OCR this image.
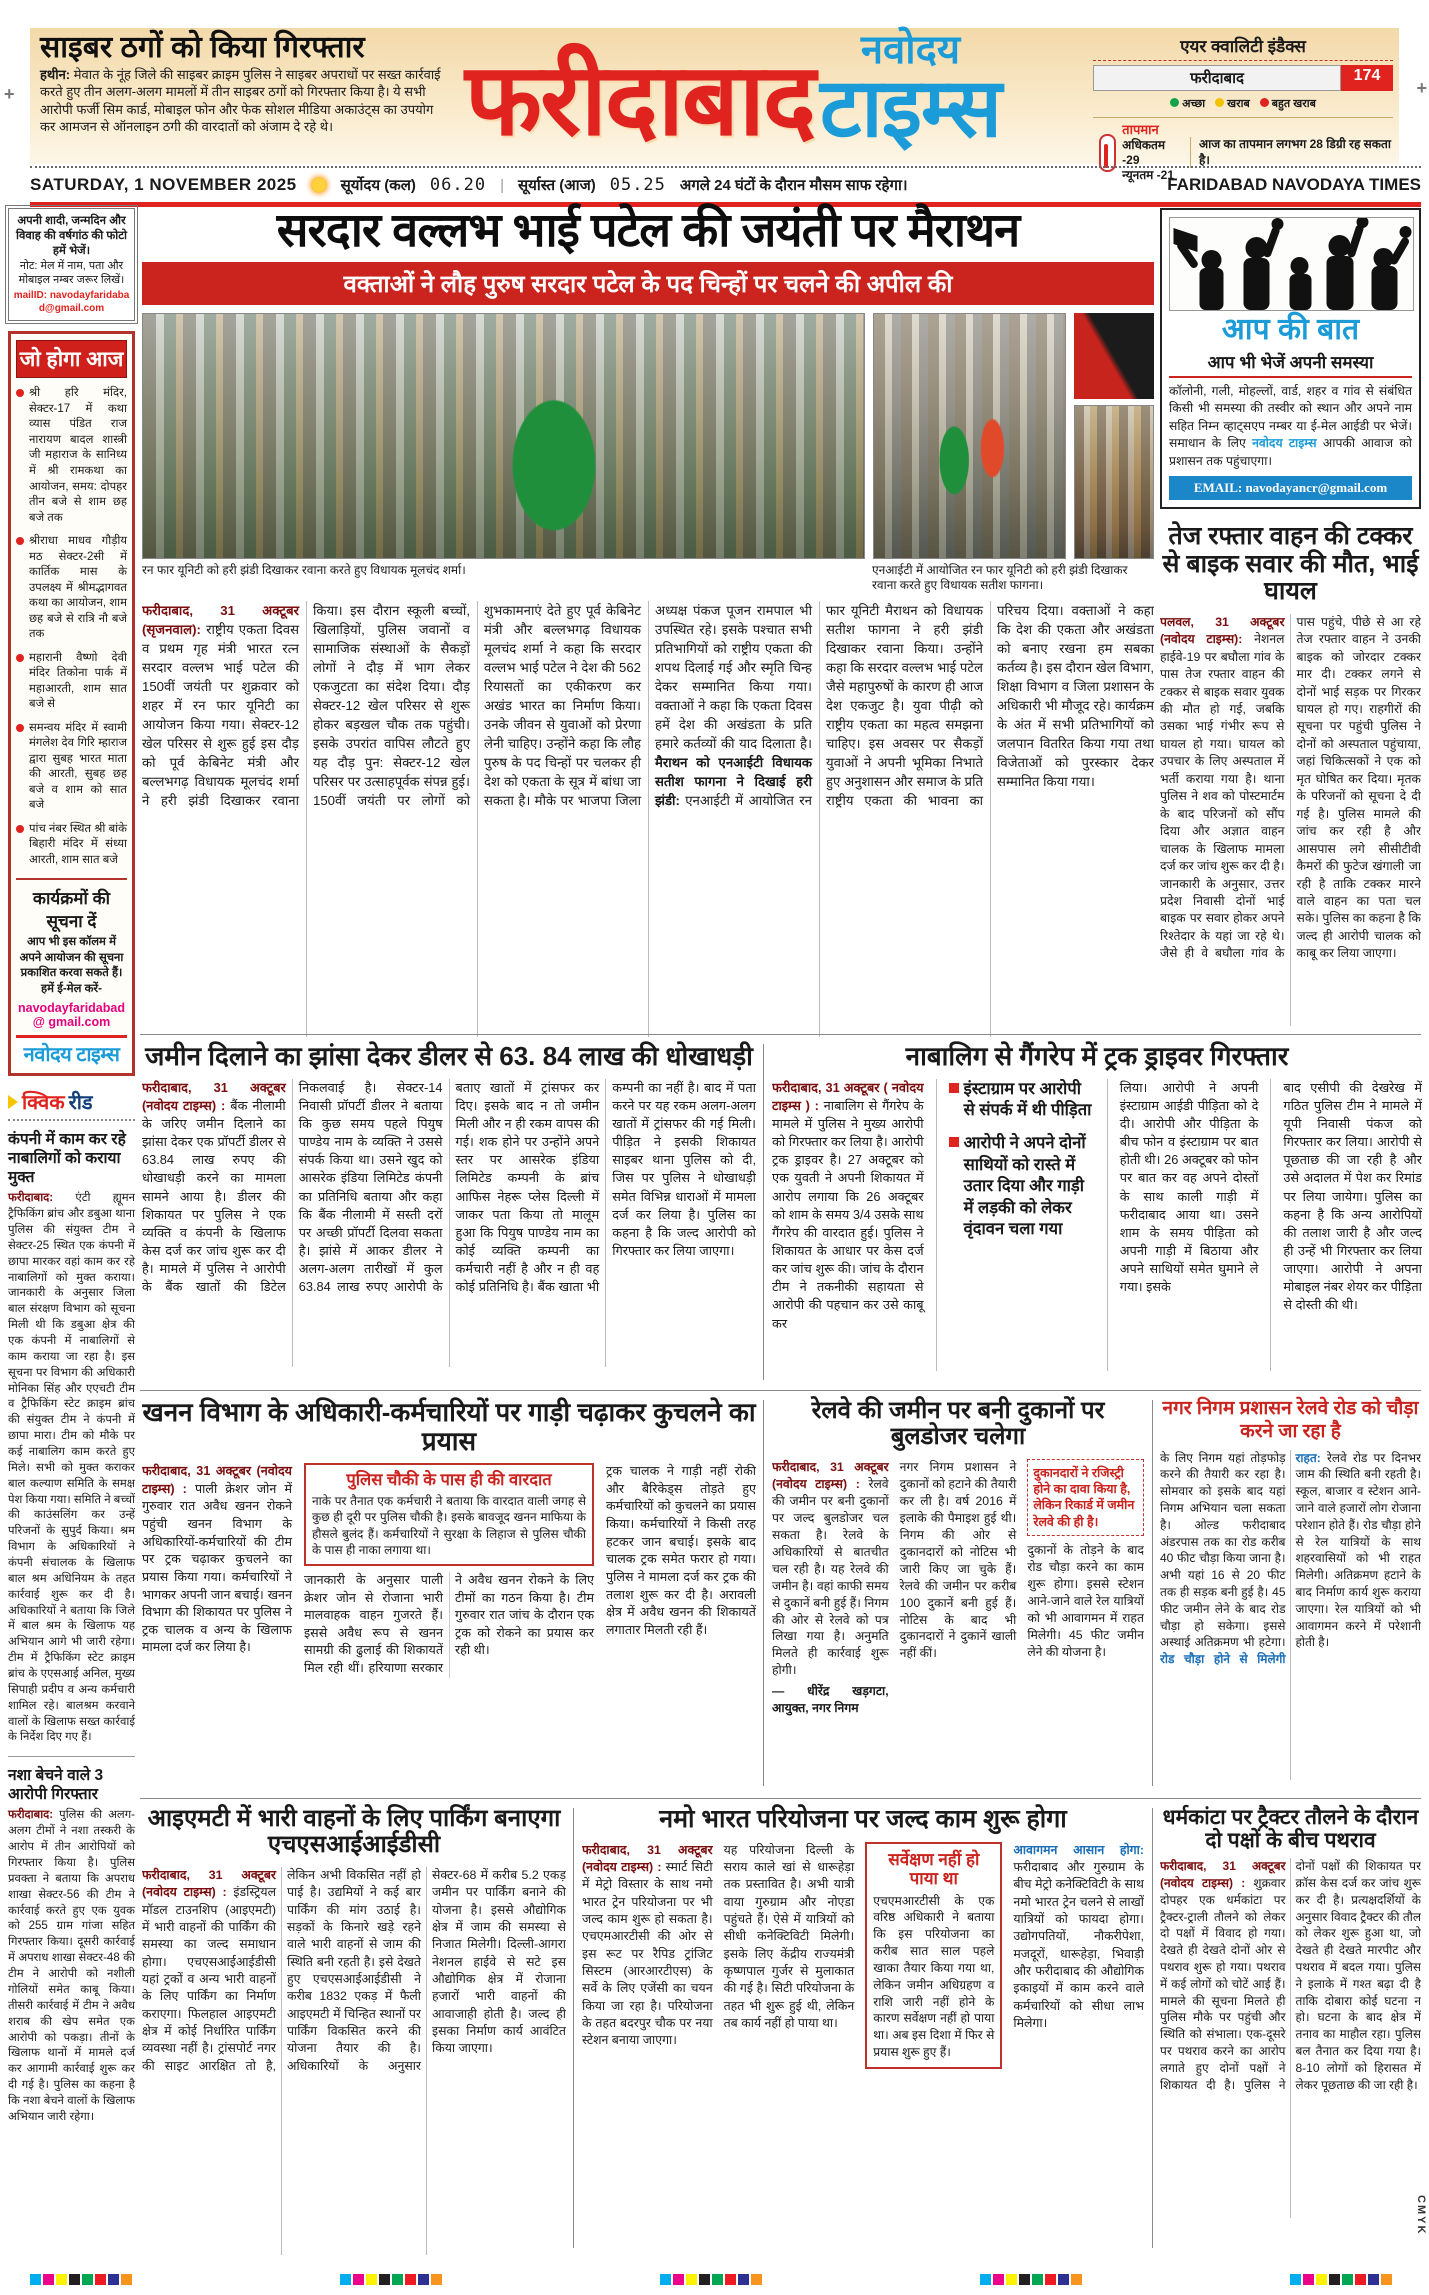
+	+
साइबर ठगों को किया गिरफ्तार

हथीन: मेवात के नूंह जिले की साइबर क्राइम पुलिस ने साइबर अपराधों पर सख्त कार्रवाई करते हुए तीन अलग-अलग मामलों में तीन साइबर ठगों को गिरफ्तार किया है। ये सभी आरोपी फर्जी सिम कार्ड, मोबाइल फोन और फेक सोशल मीडिया अकाउंट्स का उपयोग कर आमजन से ऑनलाइन ठगी की वारदातों को अंजाम दे रहे थे।	फरीदाबाद नवोदय
टाइम्स
एयर क्वालिटी इंडैक्स
फरीदाबाद	174
अच्छा	खराब	बहुत खराब
तापमान
अधिकतम -29
न्यूनतम -21
आज का तापमान लगभग 28 डिग्री रह सकता है।
SATURDAY, 1 NOVEMBER 2025	सूर्योदय (कल) 06.20 | सूर्यास्त (आज) 05.25 अगले 24 घंटों के दौरान मौसम साफ रहेगा।	FARIDABAD NAVODAYA TIMES
अपनी शादी, जन्मदिन और विवाह की वर्षगांठ की फोटो हमें भेजें।
नोट: मेल में नाम, पता और मोबाइल नम्बर जरूर लिखें।
mailID: navodayfaridabad@gmail.com
जो होगा आज
श्री हरि मंदिर, सेक्टर-17 में कथा व्यास पंडित राज नारायण बादल शास्त्री जी महाराज के सानिध्य में श्री रामकथा का आयोजन, समय: दोपहर तीन बजे से शाम छह बजे तक
श्रीराधा माधव गौड़ीय मठ सेक्टर-2सी में कार्तिक मास के उपलक्ष्य में श्रीमद्भागवत कथा का आयोजन, शाम छह बजे से रात्रि नौ बजे तक
महारानी वैष्णो देवी मंदिर तिकोना पार्क में महाआरती, शाम सात बजे से
समन्वय मंदिर में स्वामी मंगलेश देव गिरि म्हाराज द्वारा सुबह भारत माता की आरती, सुबह छह बजे व शाम को सात बजे
पांच नंबर स्थित श्री बांके बिहारी मंदिर में संध्या आरती, शाम सात बजे
कार्यक्रमों की सूचना दें
आप भी इस कॉलम में अपने आयोजन की सूचना प्रकाशित करवा सकते हैं। हमें ई-मेल करें-
navodayfaridabad@ gmail.com
नवोदय टाइम्स
क्विक रीड
कंपनी में काम कर रहे नाबालिगों को कराया मुक्त

फरीदाबाद: एंटी ह्यूमन ट्रैफिकिंग ब्रांच और डबुआ थाना पुलिस की संयुक्त टीम ने सेक्टर-25 स्थित एक कंपनी में छापा मारकर वहां काम कर रहे नाबालिगों को मुक्त कराया। जानकारी के अनुसार जिला बाल संरक्षण विभाग को सूचना मिली थी कि डबुआ क्षेत्र की एक कंपनी में नाबालिगों से काम कराया जा रहा है। इस सूचना पर विभाग की अधिकारी मोनिका सिंह और एएचटी टीम व ट्रैफिकिंग स्टेट क्राइम ब्रांच की संयुक्त टीम ने कंपनी में छापा मारा। टीम को मौके पर कई नाबालिग काम करते हुए मिले। सभी को मुक्त कराकर बाल कल्याण समिति के समक्ष पेश किया गया। समिति ने बच्चों की काउंसलिंग कर उन्हें परिजनों के सुपुर्द किया। श्रम विभाग के अधिकारियों ने कंपनी संचालक के खिलाफ बाल श्रम अधिनियम के तहत कार्रवाई शुरू कर दी है। अधिकारियों ने बताया कि जिले में बाल श्रम के खिलाफ यह अभियान आगे भी जारी रहेगा। टीम में ट्रैफिकिंग स्टेट क्राइम ब्रांच के एएसआई अनिल, मुख्य सिपाही प्रदीप व अन्य कर्मचारी शामिल रहे। बालश्रम करवाने वालों के खिलाफ सख्त कार्रवाई के निर्देश दिए गए हैं।

नशा बेचने वाले 3 आरोपी गिरफ्तार

फरीदाबाद: पुलिस की अलग-अलग टीमों ने नशा तस्करी के आरोप में तीन आरोपियों को गिरफ्तार किया है। पुलिस प्रवक्ता ने बताया कि अपराध शाखा सेक्टर-56 की टीम ने कार्रवाई करते हुए एक युवक को 255 ग्राम गांजा सहित गिरफ्तार किया। दूसरी कार्रवाई में अपराध शाखा सेक्टर-48 की टीम ने आरोपी को नशीली गोलियों समेत काबू किया। तीसरी कार्रवाई में टीम ने अवैध शराब की खेप समेत एक आरोपी को पकड़ा। तीनों के खिलाफ थानों में मामले दर्ज कर आगामी कार्रवाई शुरू कर दी गई है। पुलिस का कहना है कि नशा बेचने वालों के खिलाफ अभियान जारी रहेगा।

सरदार वल्लभ भाई पटेल की जयंती पर मैराथन
वक्ताओं ने लौह पुरुष सरदार पटेल के पद चिन्हों पर चलने की अपील की
रन फार यूनिटी को हरी झंडी दिखाकर रवाना करते हुए विधायक मूलचंद शर्मा।	एनआईटी में आयोजित रन फार यूनिटी को हरी झंडी दिखाकर रवाना करते हुए विधायक सतीश फागना।
फरीदाबाद, 31 अक्टूबर (सृजनवाल): राष्ट्रीय एकता दिवस व प्रथम गृह मंत्री भारत रत्न सरदार वल्लभ भाई पटेल की 150वीं जयंती पर शुक्रवार को शहर में रन फार यूनिटी का आयोजन किया गया। सेक्टर-12 खेल परिसर से शुरू हुई इस दौड़ को पूर्व केबिनेट मंत्री और बल्लभगढ़ विधायक मूलचंद शर्मा ने हरी झंडी दिखाकर रवाना किया। इस दौरान स्कूली बच्चों, खिलाड़ियों, पुलिस जवानों व सामाजिक संस्थाओं के सैकड़ों लोगों ने दौड़ में भाग लेकर एकजुटता का संदेश दिया। दौड़ सेक्टर-12 खेल परिसर से शुरू होकर बड़खल चौक तक पहुंची। इसके उपरांत वापिस लौटते हुए यह दौड़ पुन: सेक्टर-12 खेल परिसर पर उत्साहपूर्वक संपन्न हुई। 150वीं जयंती पर लोगों को शुभकामनाएं देते हुए पूर्व केबिनेट मंत्री और बल्लभगढ़ विधायक मूलचंद शर्मा ने कहा कि सरदार वल्लभ भाई पटेल ने देश की 562 रियासतों का एकीकरण कर अखंड भारत का निर्माण किया। उनके जीवन से युवाओं को प्रेरणा लेनी चाहिए। उन्होंने कहा कि लौह पुरुष के पद चिन्हों पर चलकर ही देश को एकता के सूत्र में बांधा जा सकता है। मौके पर भाजपा जिला अध्यक्ष पंकज पूजन रामपाल भी उपस्थित रहे। इसके पश्चात सभी प्रतिभागियों को राष्ट्रीय एकता की शपथ दिलाई गई और स्मृति चिन्ह देकर सम्मानित किया गया। वक्ताओं ने कहा कि एकता दिवस हमें देश की अखंडता के प्रति हमारे कर्तव्यों की याद दिलाता है। मैराथन को एनआईटी विधायक सतीश फागना ने दिखाई हरी झंडी: एनआईटी में आयोजित रन फार यूनिटी मैराथन को विधायक सतीश फागना ने हरी झंडी दिखाकर रवाना किया। उन्होंने कहा कि सरदार वल्लभ भाई पटेल जैसे महापुरुषों के कारण ही आज देश एकजुट है। युवा पीढ़ी को राष्ट्रीय एकता का महत्व समझना चाहिए। इस अवसर पर सैकड़ों युवाओं ने अपनी भूमिका निभाते हुए अनुशासन और समाज के प्रति राष्ट्रीय एकता की भावना का परिचय दिया। वक्ताओं ने कहा कि देश की एकता और अखंडता को बनाए रखना हम सबका कर्तव्य है। इस दौरान खेल विभाग, शिक्षा विभाग व जिला प्रशासन के अधिकारी भी मौजूद रहे। कार्यक्रम के अंत में सभी प्रतिभागियों को जलपान वितरित किया गया तथा विजेताओं को पुरस्कार देकर सम्मानित किया गया।
आप की बात
आप भी भेजें अपनी समस्या
कॉलोनी, गली, मोहल्लों, वार्ड, शहर व गांव से संबंधित किसी भी समस्या की तस्वीर को स्थान और अपने नाम सहित निम्न व्हाट्सएप नम्बर या ई-मेल आईडी पर भेजें। समाधान के लिए नवोदय टाइम्स आपकी आवाज को प्रशासन तक पहुंचाएगा।
EMAIL: navodayancr@gmail.com
तेज रफ्तार वाहन की टक्कर से बाइक सवार की मौत, भाई घायल
पलवल, 31 अक्टूबर (नवोदय टाइम्स): नेशनल हाईवे-19 पर बघौला गांव के पास तेज रफ्तार वाहन की टक्कर से बाइक सवार युवक की मौत हो गई, जबकि उसका भाई गंभीर रूप से घायल हो गया। घायल को उपचार के लिए अस्पताल में भर्ती कराया गया है। थाना पुलिस ने शव को पोस्टमार्टम के बाद परिजनों को सौंप दिया और अज्ञात वाहन चालक के खिलाफ मामला दर्ज कर जांच शुरू कर दी है। जानकारी के अनुसार, उत्तर प्रदेश निवासी दोनों भाई बाइक पर सवार होकर अपने रिश्तेदार के यहां जा रहे थे। जैसे ही वे बघौला गांव के पास पहुंचे, पीछे से आ रहे तेज रफ्तार वाहन ने उनकी बाइक को जोरदार टक्कर मार दी। टक्कर लगने से दोनों भाई सड़क पर गिरकर घायल हो गए। राहगीरों की सूचना पर पहुंची पुलिस ने दोनों को अस्पताल पहुंचाया, जहां चिकित्सकों ने एक को मृत घोषित कर दिया। मृतक के परिजनों को सूचना दे दी गई है। पुलिस मामले की जांच कर रही है और आसपास लगे सीसीटीवी कैमरों की फुटेज खंगाली जा रही है ताकि टक्कर मारने वाले वाहन का पता चल सके। पुलिस का कहना है कि जल्द ही आरोपी चालक को काबू कर लिया जाएगा।
जमीन दिलाने का झांसा देकर डीलर से 63. 84 लाख की धोखाधड़ी
फरीदाबाद, 31 अक्टूबर (नवोदय टाइम्स) : बैंक नीलामी के जरिए जमीन दिलाने का झांसा देकर एक प्रॉपर्टी डीलर से 63.84 लाख रुपए की धोखाधड़ी करने का मामला सामने आया है। डीलर की शिकायत पर पुलिस ने एक व्यक्ति व कंपनी के खिलाफ केस दर्ज कर जांच शुरू कर दी है। मामले में पुलिस ने आरोपी के बैंक खातों की डिटेल निकलवाई है। सेक्टर-14 निवासी प्रॉपर्टी डीलर ने बताया कि कुछ समय पहले पियुष पाण्डेय नाम के व्यक्ति ने उससे संपर्क किया था। उसने खुद को आसरेक इंडिया लिमिटेड कंपनी का प्रतिनिधि बताया और कहा कि बैंक नीलामी में सस्ती दरों पर अच्छी प्रॉपर्टी दिलवा सकता है। झांसे में आकर डीलर ने अलग-अलग तारीखों में कुल 63.84 लाख रुपए आरोपी के बताए खातों में ट्रांसफर कर दिए। इसके बाद न तो जमीन मिली और न ही रकम वापस की गई। शक होने पर उन्होंने अपने स्तर पर आसरेक इंडिया लिमिटेड कम्पनी के ब्रांच आफिस नेहरू प्लेस दिल्ली में जाकर पता किया तो मालूम हुआ कि पियुष पाण्डेय नाम का कोई व्यक्ति कम्पनी का कर्मचारी नहीं है और न ही वह कोई प्रतिनिधि है। बैंक खाता भी कम्पनी का नहीं है। बाद में पता करने पर यह रकम अलग-अलग खातों में ट्रांसफर की गई मिली। पीड़ित ने इसकी शिकायत साइबर थाना पुलिस को दी, जिस पर पुलिस ने धोखाधड़ी समेत विभिन्न धाराओं में मामला दर्ज कर लिया है। पुलिस का कहना है कि जल्द आरोपी को गिरफ्तार कर लिया जाएगा।
नाबालिग से गैंगरेप में ट्रक ड्राइवर गिरफ्तार
फरीदाबाद, 31 अक्टूबर ( नवोदय टाइम्स ) : नाबालिग से गैंगरेप के मामले में पुलिस ने मुख्य आरोपी को गिरफ्तार कर लिया है। आरोपी ट्रक ड्राइवर है। 27 अक्टूबर को एक युवती ने अपनी शिकायत में आरोप लगाया कि 26 अक्टूबर को शाम के समय 3/4 उसके साथ गैंगरेप की वारदात हुई। पुलिस ने शिकायत के आधार पर केस दर्ज कर जांच शुरू की। जांच के दौरान टीम ने तकनीकी सहायता से आरोपी की पहचान कर उसे काबू कर
इंस्टाग्राम पर आरोपी से संपर्क में थी पीड़िता
आरोपी ने अपने दोनों साथियों को रास्ते में उतार दिया और गाड़ी में लड़की को लेकर वृंदावन चला गया
लिया। आरोपी ने अपनी इंस्टाग्राम आईडी पीड़िता को दे दी। आरोपी और पीड़िता के बीच फोन व इंस्टाग्राम पर बात होती थी। 26 अक्टूबर को फोन पर बात कर वह अपने दोस्तों के साथ काली गाड़ी में फरीदाबाद आया था। उसने शाम के समय पीड़िता को अपनी गाड़ी में बिठाया और अपने साथियों समेत घुमाने ले गया। इसके
बाद एसीपी की देखरेख में गठित पुलिस टीम ने मामले में यूपी निवासी पंकज को गिरफ्तार कर लिया। आरोपी से पूछताछ की जा रही है और उसे अदालत में पेश कर रिमांड पर लिया जायेगा। पुलिस का कहना है कि अन्य आरोपियों की तलाश जारी है और जल्द ही उन्हें भी गिरफ्तार कर लिया जाएगा। आरोपी ने अपना मोबाइल नंबर शेयर कर पीड़िता से दोस्ती की थी।
खनन विभाग के अधिकारी-कर्मचारियों पर गाड़ी चढ़ाकर कुचलने का प्रयास
फरीदाबाद, 31 अक्टूबर (नवोदय टाइम्स) : पाली क्रेशर जोन में गुरुवार रात अवैध खनन रोकने पहुंची खनन विभाग के अधिकारियों-कर्मचारियों की टीम पर ट्रक चढ़ाकर कुचलने का प्रयास किया गया। कर्मचारियों ने भागकर अपनी जान बचाई। खनन विभाग की शिकायत पर पुलिस ने ट्रक चालक व अन्य के खिलाफ मामला दर्ज कर लिया है।
पुलिस चौकी के पास ही की वारदात

नाके पर तैनात एक कर्मचारी ने बताया कि वारदात वाली जगह से कुछ ही दूरी पर पुलिस चौकी है। इसके बावजूद खनन माफिया के हौसले बुलंद हैं। कर्मचारियों ने सुरक्षा के लिहाज से पुलिस चौकी के पास ही नाका लगाया था।

जानकारी के अनुसार पाली क्रेशर जोन से रोजाना भारी मालवाहक वाहन गुजरते हैं। इससे अवैध रूप से खनन सामग्री की ढुलाई की शिकायतें मिल रही थीं। हरियाणा सरकार ने अवैध खनन रोकने के लिए टीमों का गठन किया है। टीम गुरुवार रात जांच के दौरान एक ट्रक को रोकने का प्रयास कर रही थी।
ट्रक चालक ने गाड़ी नहीं रोकी और बैरिकेड्स तोड़ते हुए कर्मचारियों को कुचलने का प्रयास किया। कर्मचारियों ने किसी तरह हटकर जान बचाई। इसके बाद चालक ट्रक समेत फरार हो गया। पुलिस ने मामला दर्ज कर ट्रक की तलाश शुरू कर दी है। अरावली क्षेत्र में अवैध खनन की शिकायतें लगातार मिलती रही हैं।
रेलवे की जमीन पर बनी दुकानों पर बुलडोजर चलेगा
फरीदाबाद, 31 अक्टूबर (नवोदय टाइम्स) : रेलवे की जमीन पर बनी दुकानों पर जल्द बुलडोजर चल सकता है। रेलवे के अधिकारियों से बातचीत चल रही है। यह रेलवे की जमीन है। वहां काफी समय से दुकानें बनी हुई हैं। निगम की ओर से रेलवे को पत्र लिखा गया है। अनुमति मिलते ही कार्रवाई शुरू होगी।
— धीरेंद्र खड़गटा, आयुक्त, नगर निगम
नगर निगम प्रशासन ने दुकानों को हटाने की तैयारी कर ली है। वर्ष 2016 में इलाके की पैमाइश हुई थी। निगम की ओर से दुकानदारों को नोटिस भी जारी किए जा चुके हैं। रेलवे की जमीन पर करीब 100 दुकानें बनी हुई हैं। नोटिस के बाद भी दुकानदारों ने दुकानें खाली नहीं कीं।
दुकानदारों ने रजिस्ट्री होने का दावा किया है, लेकिन रिकार्ड में जमीन रेलवे की ही है।
दुकानों के तोड़ने के बाद रोड चौड़ा करने का काम शुरू होगा। इससे स्टेशन आने-जाने वाले रेल यात्रियों को भी आवागमन में राहत मिलेगी। 45 फीट जमीन लेने की योजना है।
नगर निगम प्रशासन रेलवे रोड को चौड़ा करने जा रहा है
के लिए निगम यहां तोड़फोड़ करने की तैयारी कर रहा है। सोमवार को इसके बाद यहां निगम अभियान चला सकता है। ओल्ड फरीदाबाद अंडरपास तक का रोड करीब 40 फीट चौड़ा किया जाना है। अभी यहां 16 से 20 फीट तक ही सड़क बनी हुई है। 45 फीट जमीन लेने के बाद रोड चौड़ा हो सकेगा। इससे अस्थाई अतिक्रमण भी हटेगा। रोड चौड़ा होने से मिलेगी राहत: रेलवे रोड पर दिनभर जाम की स्थिति बनी रहती है। स्कूल, बाजार व स्टेशन आने-जाने वाले हजारों लोग रोजाना परेशान होते हैं। रोड चौड़ा होने से रेल यात्रियों के साथ शहरवासियों को भी राहत मिलेगी। अतिक्रमण हटाने के बाद निर्माण कार्य शुरू कराया जाएगा। रेल यात्रियों को भी आवागमन करने में परेशानी होती है।
आइएमटी में भारी वाहनों के लिए पार्किंग बनाएगा एचएसआईआईडीसी
फरीदाबाद, 31 अक्टूबर (नवोदय टाइम्स) : इंडस्ट्रियल मॉडल टाउनशिप (आइएमटी) में भारी वाहनों की पार्किंग की समस्या का जल्द समाधान होगा। एचएसआईआईडीसी यहां ट्रकों व अन्य भारी वाहनों के लिए पार्किंग का निर्माण कराएगा। फिलहाल आइएमटी क्षेत्र में कोई निर्धारित पार्किंग व्यवस्था नहीं है। ट्रांसपोर्ट नगर की साइट आरक्षित तो है, लेकिन अभी विकसित नहीं हो पाई है। उद्यमियों ने कई बार पार्किंग की मांग उठाई है। सड़कों के किनारे खड़े रहने वाले भारी वाहनों से जाम की स्थिति बनी रहती है। इसे देखते हुए एचएसआईआईडीसी ने करीब 1832 एकड़ में फैली आइएमटी में चिन्हित स्थानों पर पार्किंग विकसित करने की योजना तैयार की है। अधिकारियों के अनुसार सेक्टर-68 में करीब 5.2 एकड़ जमीन पर पार्किंग बनाने की योजना है। इससे औद्योगिक क्षेत्र में जाम की समस्या से निजात मिलेगी। दिल्ली-आगरा नेशनल हाईवे से सटे इस औद्योगिक क्षेत्र में रोजाना हजारों भारी वाहनों की आवाजाही होती है। जल्द ही इसका निर्माण कार्य आवंटित किया जाएगा।
नमो भारत परियोजना पर जल्द काम शुरू होगा
फरीदाबाद, 31 अक्टूबर (नवोदय टाइम्स) : स्मार्ट सिटी में मेट्रो विस्तार के साथ नमो भारत ट्रेन परियोजना पर भी जल्द काम शुरू हो सकता है। एचएमआरटीसी की ओर से इस रूट पर रैपिड ट्रांजिट सिस्टम (आरआरटीएस) के सर्वे के लिए एजेंसी का चयन किया जा रहा है। परियोजना के तहत बदरपुर चौक पर नया स्टेशन बनाया जाएगा।
यह परियोजना दिल्ली के सराय काले खां से धारूहेड़ा तक प्रस्तावित है। अभी यात्री वाया गुरुग्राम और नोएडा पहुंचते हैं। ऐसे में यात्रियों को सीधी कनेक्टिविटी मिलेगी। इसके लिए केंद्रीय राज्यमंत्री कृष्णपाल गुर्जर से मुलाकात की गई है। सिटी परियोजना के तहत भी शुरू हुई थी, लेकिन तब कार्य नहीं हो पाया था।
सर्वेक्षण नहीं हो पाया था

एचएमआरटीसी के एक वरिष्ठ अधिकारी ने बताया कि इस परियोजना का करीब सात साल पहले खाका तैयार किया गया था, लेकिन जमीन अधिग्रहण व राशि जारी नहीं होने के कारण सर्वेक्षण नहीं हो पाया था। अब इस दिशा में फिर से प्रयास शुरू हुए हैं।

आवागमन आसान होगा: फरीदाबाद और गुरुग्राम के बीच मेट्रो कनेक्टिविटी के साथ नमो भारत ट्रेन चलने से लाखों यात्रियों को फायदा होगा। उद्योगपतियों, नौकरीपेशा, मजदूरों, धारूहेड़ा, भिवाड़ी और फरीदाबाद की औद्योगिक इकाइयों में काम करने वाले कर्मचारियों को सीधा लाभ मिलेगा।
धर्मकांटा पर ट्रैक्टर तौलने के दौरान दो पक्षों के बीच पथराव
फरीदाबाद, 31 अक्टूबर (नवोदय टाइम्स) : शुक्रवार दोपहर एक धर्मकांटा पर ट्रैक्टर-ट्राली तौलने को लेकर दो पक्षों में विवाद हो गया। देखते ही देखते दोनों ओर से पथराव शुरू हो गया। पथराव में कई लोगों को चोटें आई हैं। मामले की सूचना मिलते ही पुलिस मौके पर पहुंची और स्थिति को संभाला। एक-दूसरे पर पथराव करने का आरोप लगाते हुए दोनों पक्षों ने शिकायत दी है। पुलिस ने दोनों पक्षों की शिकायत पर क्रॉस केस दर्ज कर जांच शुरू कर दी है। प्रत्यक्षदर्शियों के अनुसार विवाद ट्रैक्टर की तौल को लेकर शुरू हुआ था, जो देखते ही देखते मारपीट और पथराव में बदल गया। पुलिस ने इलाके में गश्त बढ़ा दी है ताकि दोबारा कोई घटना न हो। घटना के बाद क्षेत्र में तनाव का माहौल रहा। पुलिस बल तैनात कर दिया गया है। 8-10 लोगों को हिरासत में लेकर पूछताछ की जा रही है।
CMYK
